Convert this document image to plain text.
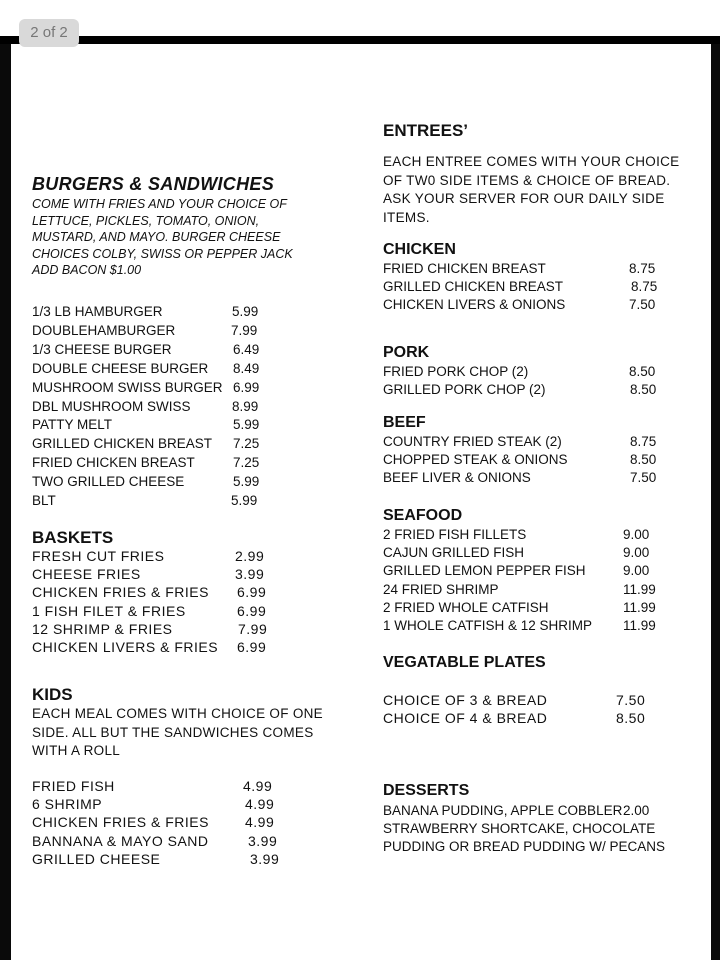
2 of 2
BURGERS & SANDWICHES
COME WITH FRIES AND YOUR CHOICE OF LETTUCE, PICKLES, TOMATO, ONION, MUSTARD, AND MAYO. BURGER CHEESE CHOICES COLBY, SWISS OR PEPPER JACK ADD BACON $1.00
1/3 LB HAMBURGER	5.99
DOUBLEHAMBURGER	7.99
1/3 CHEESE BURGER	6.49
DOUBLE CHEESE BURGER 8.49
MUSHROOM SWISS BURGER 6.99
DBL MUSHROOM SWISS	8.99
PATTY MELT	5.99
GRILLED CHICKEN BREAST 7.25
FRIED CHICKEN BREAST	7.25
TWO GRILLED CHEESE	5.99
BLT	5.99
BASKETS
FRESH CUT FRIES	2.99
CHEESE FRIES	3.99
CHICKEN FRIES & FRIES 6.99
1 FISH FILET & FRIES	6.99
12 SHRIMP & FRIES	7.99
CHICKEN LIVERS & FRIES 6.99
KIDS
EACH MEAL COMES WITH CHOICE OF ONE SIDE. ALL BUT THE SANDWICHES COMES WITH A ROLL
FRIED FISH	4.99
6 SHRIMP	4.99
CHICKEN FRIES & FRIES	4.99
BANNANA & MAYO SAND	3.99
GRILLED CHEESE	3.99
ENTREES’
EACH ENTREE COMES WITH YOUR CHOICE OF TW0 SIDE ITEMS & CHOICE OF BREAD. ASK YOUR SERVER FOR OUR DAILY SIDE ITEMS.
CHICKEN
FRIED CHICKEN BREAST	8.75
GRILLED CHICKEN BREAST	8.75
CHICKEN LIVERS & ONIONS	7.50
PORK
FRIED PORK CHOP (2)	8.50
GRILLED PORK CHOP (2)	8.50
BEEF
COUNTRY FRIED STEAK (2)	8.75
CHOPPED STEAK & ONIONS	8.50
BEEF LIVER & ONIONS	7.50
SEAFOOD
2 FRIED FISH FILLETS	9.00
CAJUN GRILLED FISH	9.00
GRILLED LEMON PEPPER FISH	9.00
24 FRIED SHRIMP	11.99
2 FRIED WHOLE CATFISH	11.99
1 WHOLE CATFISH & 12 SHRIMP 11.99
VEGATABLE PLATES
CHOICE OF 3 & BREAD	7.50
CHOICE OF 4 & BREAD	8.50
DESSERTS
BANANA PUDDING, APPLE COBBLER 2.00
STRAWBERRY SHORTCAKE, CHOCOLATE
PUDDING OR BREAD PUDDING W/ PECANS
